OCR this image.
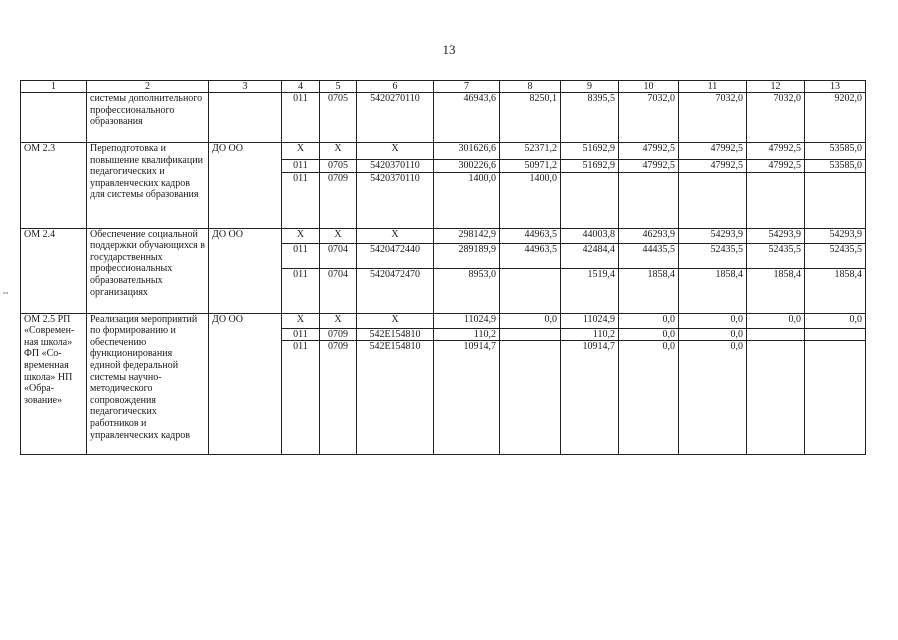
13
• •
1	2	3	4	5	6	7	8	9	10	11	12	13
	системы дополнительного профессионального образования		011	0705	5420270110	46943,6	8250,1	8395,5	7032,0	7032,0	7032,0	9202,0
ОМ 2.3	Переподготовка и повышение квалификации педагогических и управленческих кадров для системы образования	ДО ОО	X	X	X	301626,6	52371,2	51692,9	47992,5	47992,5	47992,5	53585,0
			011	0705	5420370110	300226,6	50971,2	51692,9	47992,5	47992,5	47992,5	53585,0
			011	0709	5420370110	1400,0	1400,0					
ОМ 2.4	Обеспечение социальной поддержки обучающихся в государственных профессиональных образовательных организациях	ДО ОО	X	X	X	298142,9	44963,5	44003,8	46293,9	54293,9	54293,9	54293,9
			011	0704	5420472440	289189,9	44963,5	42484,4	44435,5	52435,5	52435,5	52435,5
			011	0704	5420472470	8953,0		1519,4	1858,4	1858,4	1858,4	1858,4
ОМ 2.5 РП «Современ-ная школа» ФП «Со-временная школа» НП «Обра-зование»	Реализация мероприятий по формированию и обеспечению функционирования единой федеральной системы научно-методического сопровождения педагогических работников и управленческих кадров	ДО ОО	X	X	X	11024,9	0,0	11024,9	0,0	0,0	0,0	0,0
			011	0709	542E154810	110,2		110,2	0,0	0,0		
			011	0709	542E154810	10914,7		10914,7	0,0	0,0		
